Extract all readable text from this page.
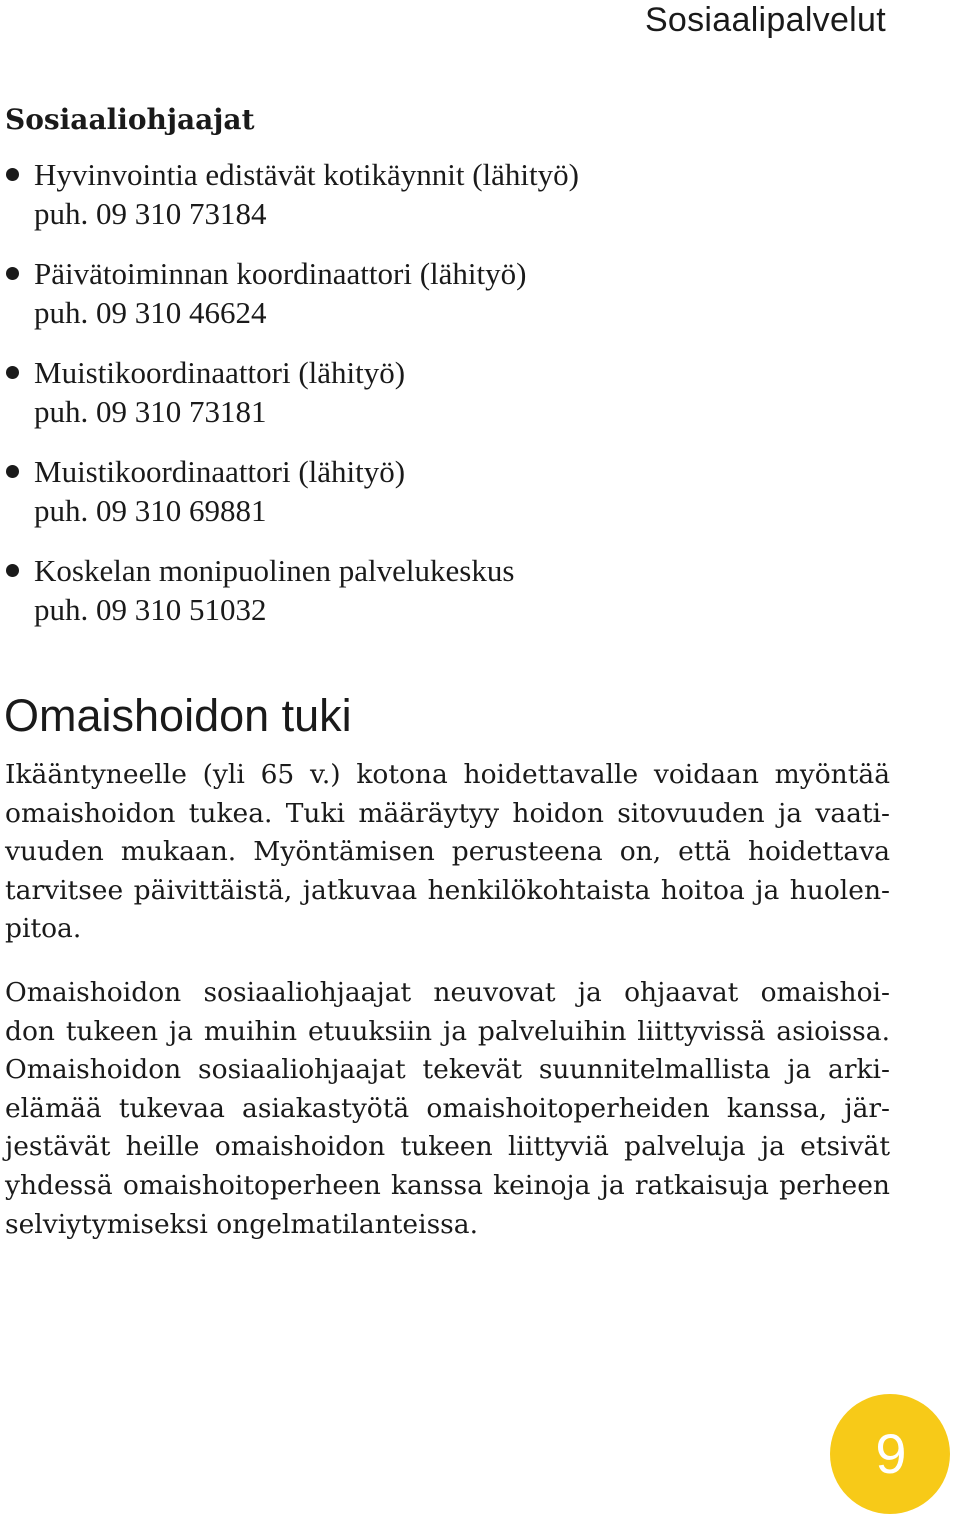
Sosiaalipalvelut
Sosiaaliohjaajat
Hyvinvointia edistävät kotikäynnit (lähityö)
puh. 09 310 73184
Päivätoiminnan koordinaattori (lähityö)
puh. 09 310 46624
Muistikoordinaattori (lähityö)
puh. 09 310 73181
Muistikoordinaattori (lähityö)
puh. 09 310 69881
Koskelan monipuolinen palvelukeskus
puh. 09 310 51032
Omaishoidon tuki

Ikääntyneelle (yli 65 v.) kotona hoidettavalle voidaan myöntää
omaishoidon tukea. Tuki määräytyy hoidon sitovuuden ja vaati-
vuuden mukaan. Myöntämisen perusteena on, että hoidettava
tarvitsee päivittäistä, jatkuvaa henkilökohtaista hoitoa ja huolen-
pitoa.

Omaishoidon sosiaaliohjaajat neuvovat ja ohjaavat omaishoi-
don tukeen ja muihin etuuksiin ja palveluihin liittyvissä asioissa.
Omaishoidon sosiaaliohjaajat tekevät suunnitelmallista ja arki-
elämää tukevaa asiakastyötä omaishoitoperheiden kanssa, jär-
jestävät heille omaishoidon tukeen liittyviä palveluja ja etsivät
yhdessä omaishoitoperheen kanssa keinoja ja ratkaisuja perheen
selviytymiseksi ongelmatilanteissa.

9
